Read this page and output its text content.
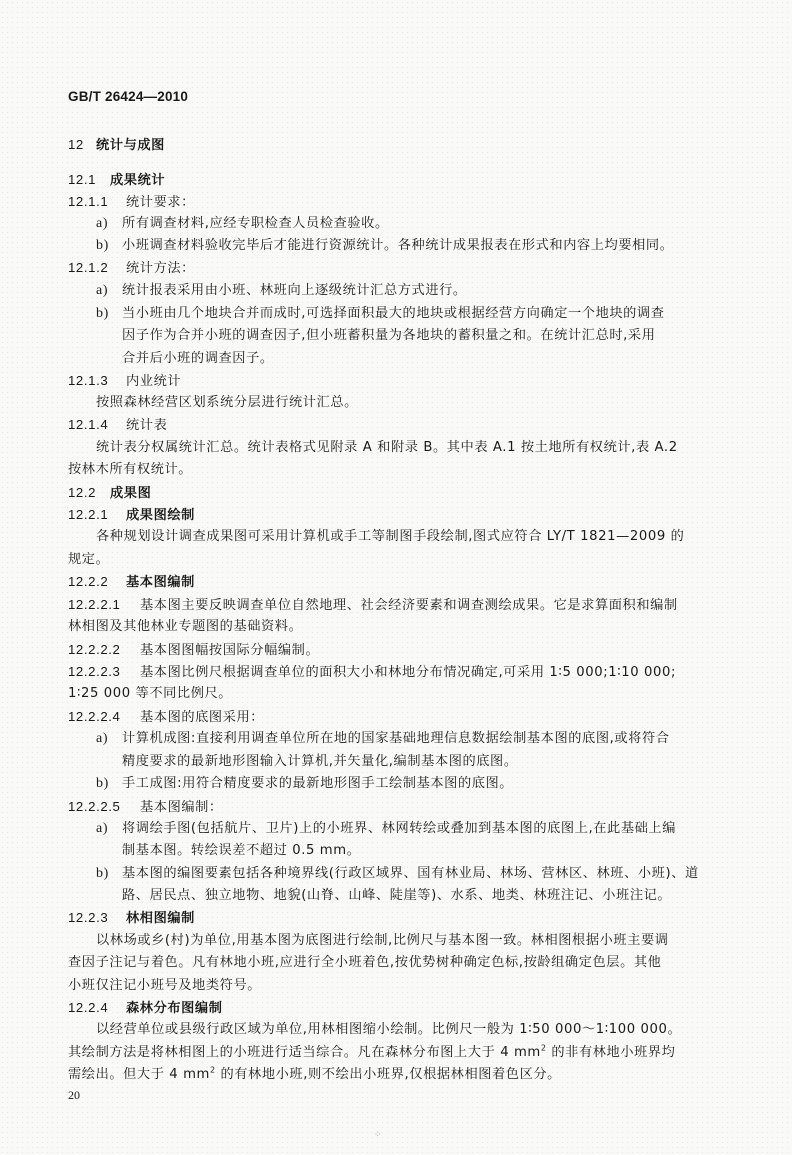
GB/T 26424—2010
12 统计与成图
12.1 成果统计
12.1.1 统计要求：
a) 所有调查材料,应经专职检查人员检查验收。
b) 小班调查材料验收完毕后才能进行资源统计。各种统计成果报表在形式和内容上均要相同。
12.1.2 统计方法：
a) 统计报表采用由小班、林班向上逐级统计汇总方式进行。
b) 当小班由几个地块合并而成时,可选择面积最大的地块或根据经营方向确定一个地块的调查
因子作为合并小班的调查因子,但小班蓄积量为各地块的蓄积量之和。在统计汇总时,采用
合并后小班的调查因子。
12.1.3 内业统计
按照森林经营区划系统分层进行统计汇总。
12.1.4 统计表
统计表分权属统计汇总。统计表格式见附录 A 和附录 B。其中表 A.1 按土地所有权统计,表 A.2
按林木所有权统计。
12.2 成果图
12.2.1 成果图绘制
各种规划设计调查成果图可采用计算机或手工等制图手段绘制,图式应符合 LY/T 1821—2009 的
规定。
12.2.2 基本图编制
12.2.2.1 基本图主要反映调查单位自然地理、社会经济要素和调查测绘成果。它是求算面积和编制
林相图及其他林业专题图的基础资料。
12.2.2.2 基本图图幅按国际分幅编制。
12.2.2.3 基本图比例尺根据调查单位的面积大小和林地分布情况确定,可采用 1∶5 000;1∶10 000;
1∶25 000 等不同比例尺。
12.2.2.4 基本图的底图采用：
a) 计算机成图:直接利用调查单位所在地的国家基础地理信息数据绘制基本图的底图,或将符合
精度要求的最新地形图输入计算机,并矢量化,编制基本图的底图。
b) 手工成图:用符合精度要求的最新地形图手工绘制基本图的底图。
12.2.2.5 基本图编制：
a) 将调绘手图(包括航片、卫片)上的小班界、林网转绘或叠加到基本图的底图上,在此基础上编
制基本图。转绘误差不超过 0.5 mm。
b) 基本图的编图要素包括各种境界线(行政区域界、国有林业局、林场、营林区、林班、小班)、道
路、居民点、独立地物、地貌(山脊、山峰、陡崖等)、水系、地类、林班注记、小班注记。
12.2.3 林相图编制
以林场或乡(村)为单位,用基本图为底图进行绘制,比例尺与基本图一致。林相图根据小班主要调
查因子注记与着色。凡有林地小班,应进行全小班着色,按优势树种确定色标,按龄组确定色层。其他
小班仅注记小班号及地类符号。
12.2.4 森林分布图编制
以经营单位或县级行政区域为单位,用林相图缩小绘制。比例尺一般为 1∶50 000～1∶100 000。
其绘制方法是将林相图上的小班进行适当综合。凡在森林分布图上大于 4 $mm^2$ 的非有林地小班界均
需绘出。但大于 4 $mm^2$ 的有林地小班,则不绘出小班界,仅根据林相图着色区分。
20
⁘
